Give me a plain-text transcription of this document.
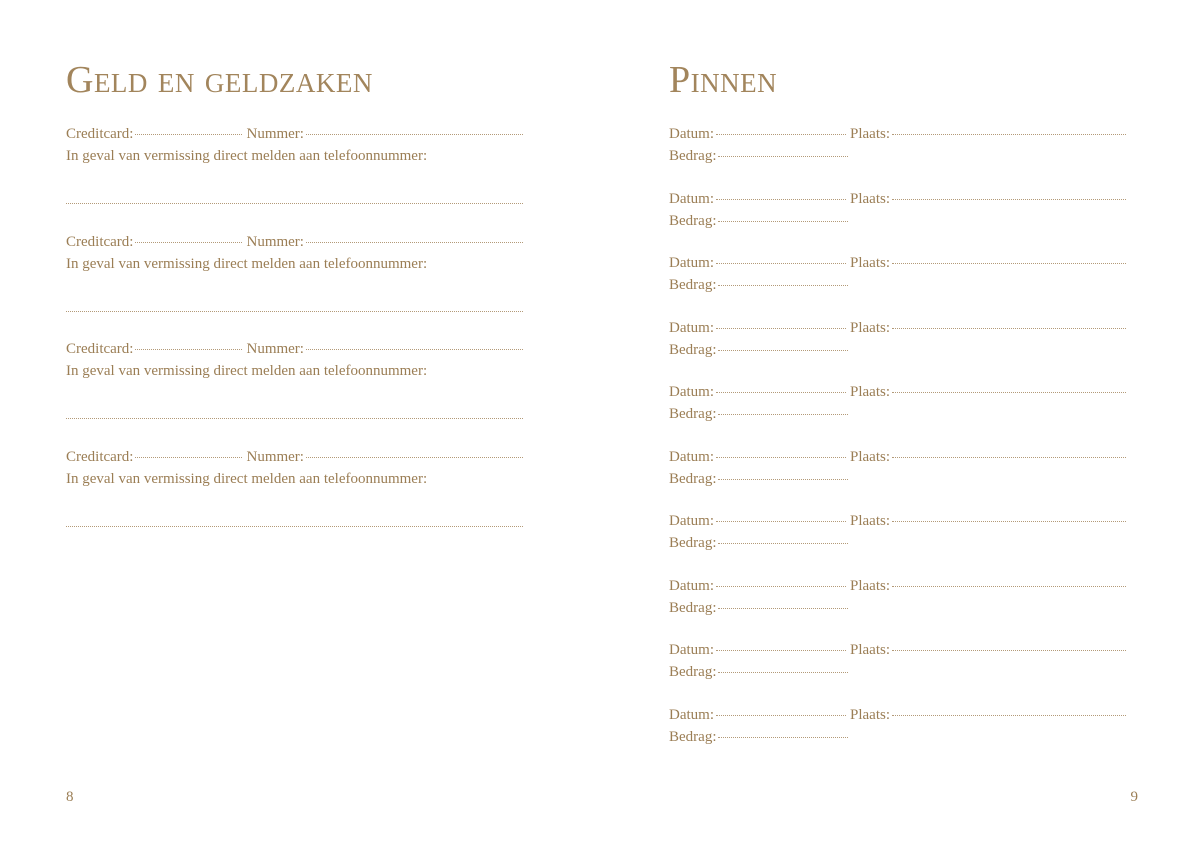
Geld en geldzaken
Creditcard:	Nummer:
In geval van vermissing direct melden aan telefoonnummer:
Creditcard:	Nummer:
In geval van vermissing direct melden aan telefoonnummer:
Creditcard:	Nummer:
In geval van vermissing direct melden aan telefoonnummer:
Creditcard:	Nummer:
In geval van vermissing direct melden aan telefoonnummer:
8
Pinnen
Datum:	Plaats:
Bedrag:
Datum:	Plaats:
Bedrag:
Datum:	Plaats:
Bedrag:
Datum:	Plaats:
Bedrag:
Datum:	Plaats:
Bedrag:
Datum:	Plaats:
Bedrag:
Datum:	Plaats:
Bedrag:
Datum:	Plaats:
Bedrag:
Datum:	Plaats:
Bedrag:
Datum:	Plaats:
Bedrag:
9
